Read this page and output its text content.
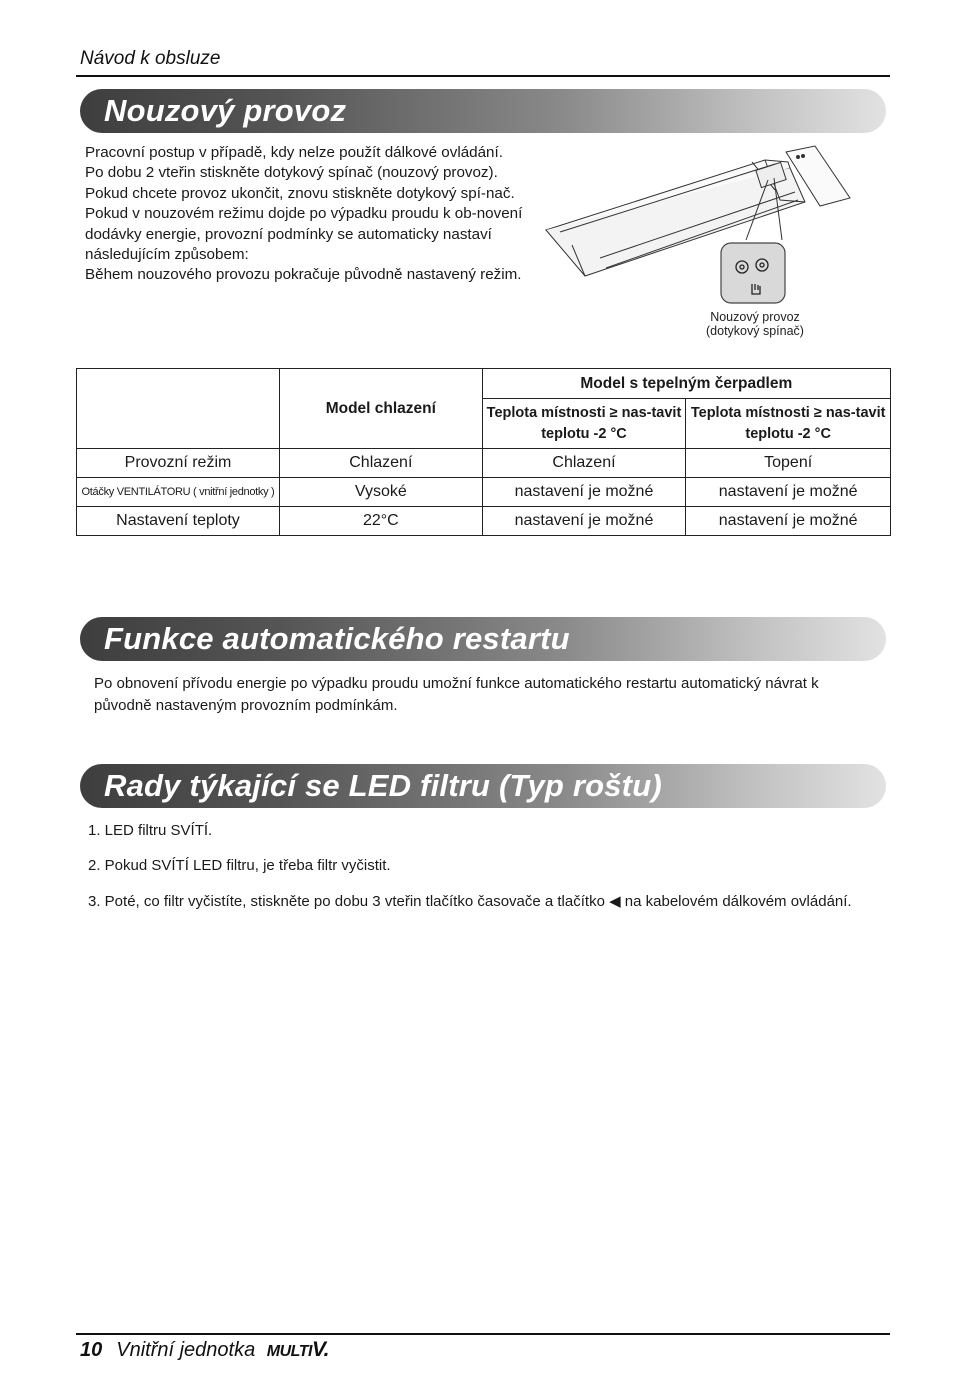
Návod k obsluze
Nouzový provoz

Pracovní postup v případě, kdy nelze použít dálkové ovládání.

Po dobu 2 vteřin stiskněte dotykový spínač (nouzový provoz).

Pokud chcete provoz ukončit, znovu stiskněte dotykový spí-nač.

Pokud v nouzovém režimu dojde po výpadku proudu k ob-novení dodávky energie, provozní podmínky se automaticky nastaví následujícím způsobem:

Během nouzového provozu pokračuje původně nastavený režim.

Nouzový provoz
(dotykový spínač)
	Model chlazení	Model s tepelným čerpadlem	
		Teplota místnosti ≥ nas-tavit teplotu -2 °C	Teplota místnosti ≥ nas-tavit teplotu -2 °C
Provozní režim	Chlazení	Chlazení	Topení
Otáčky VENTILÁTORU ( vnitřní jednotky )	Vysoké	nastavení je možné	nastavení je možné
Nastavení teploty	22°C	nastavení je možné	nastavení je možné
Funkce automatického restartu
Po obnovení přívodu energie po výpadku proudu umožní funkce automatického restartu automatický návrat k původně nastaveným provozním podmínkám.
Rady týkající se LED filtru (Typ roštu)
1. LED filtru SVÍTÍ.
2. Pokud SVÍTÍ LED filtru, je třeba filtr vyčistit.
3. Poté, co filtr vyčistíte, stiskněte po dobu 3 vteřin tlačítko časovače a tlačítko ◀ na kabelovém dálkovém ovládání.
10 Vnitřní jednotka MULTIV.
